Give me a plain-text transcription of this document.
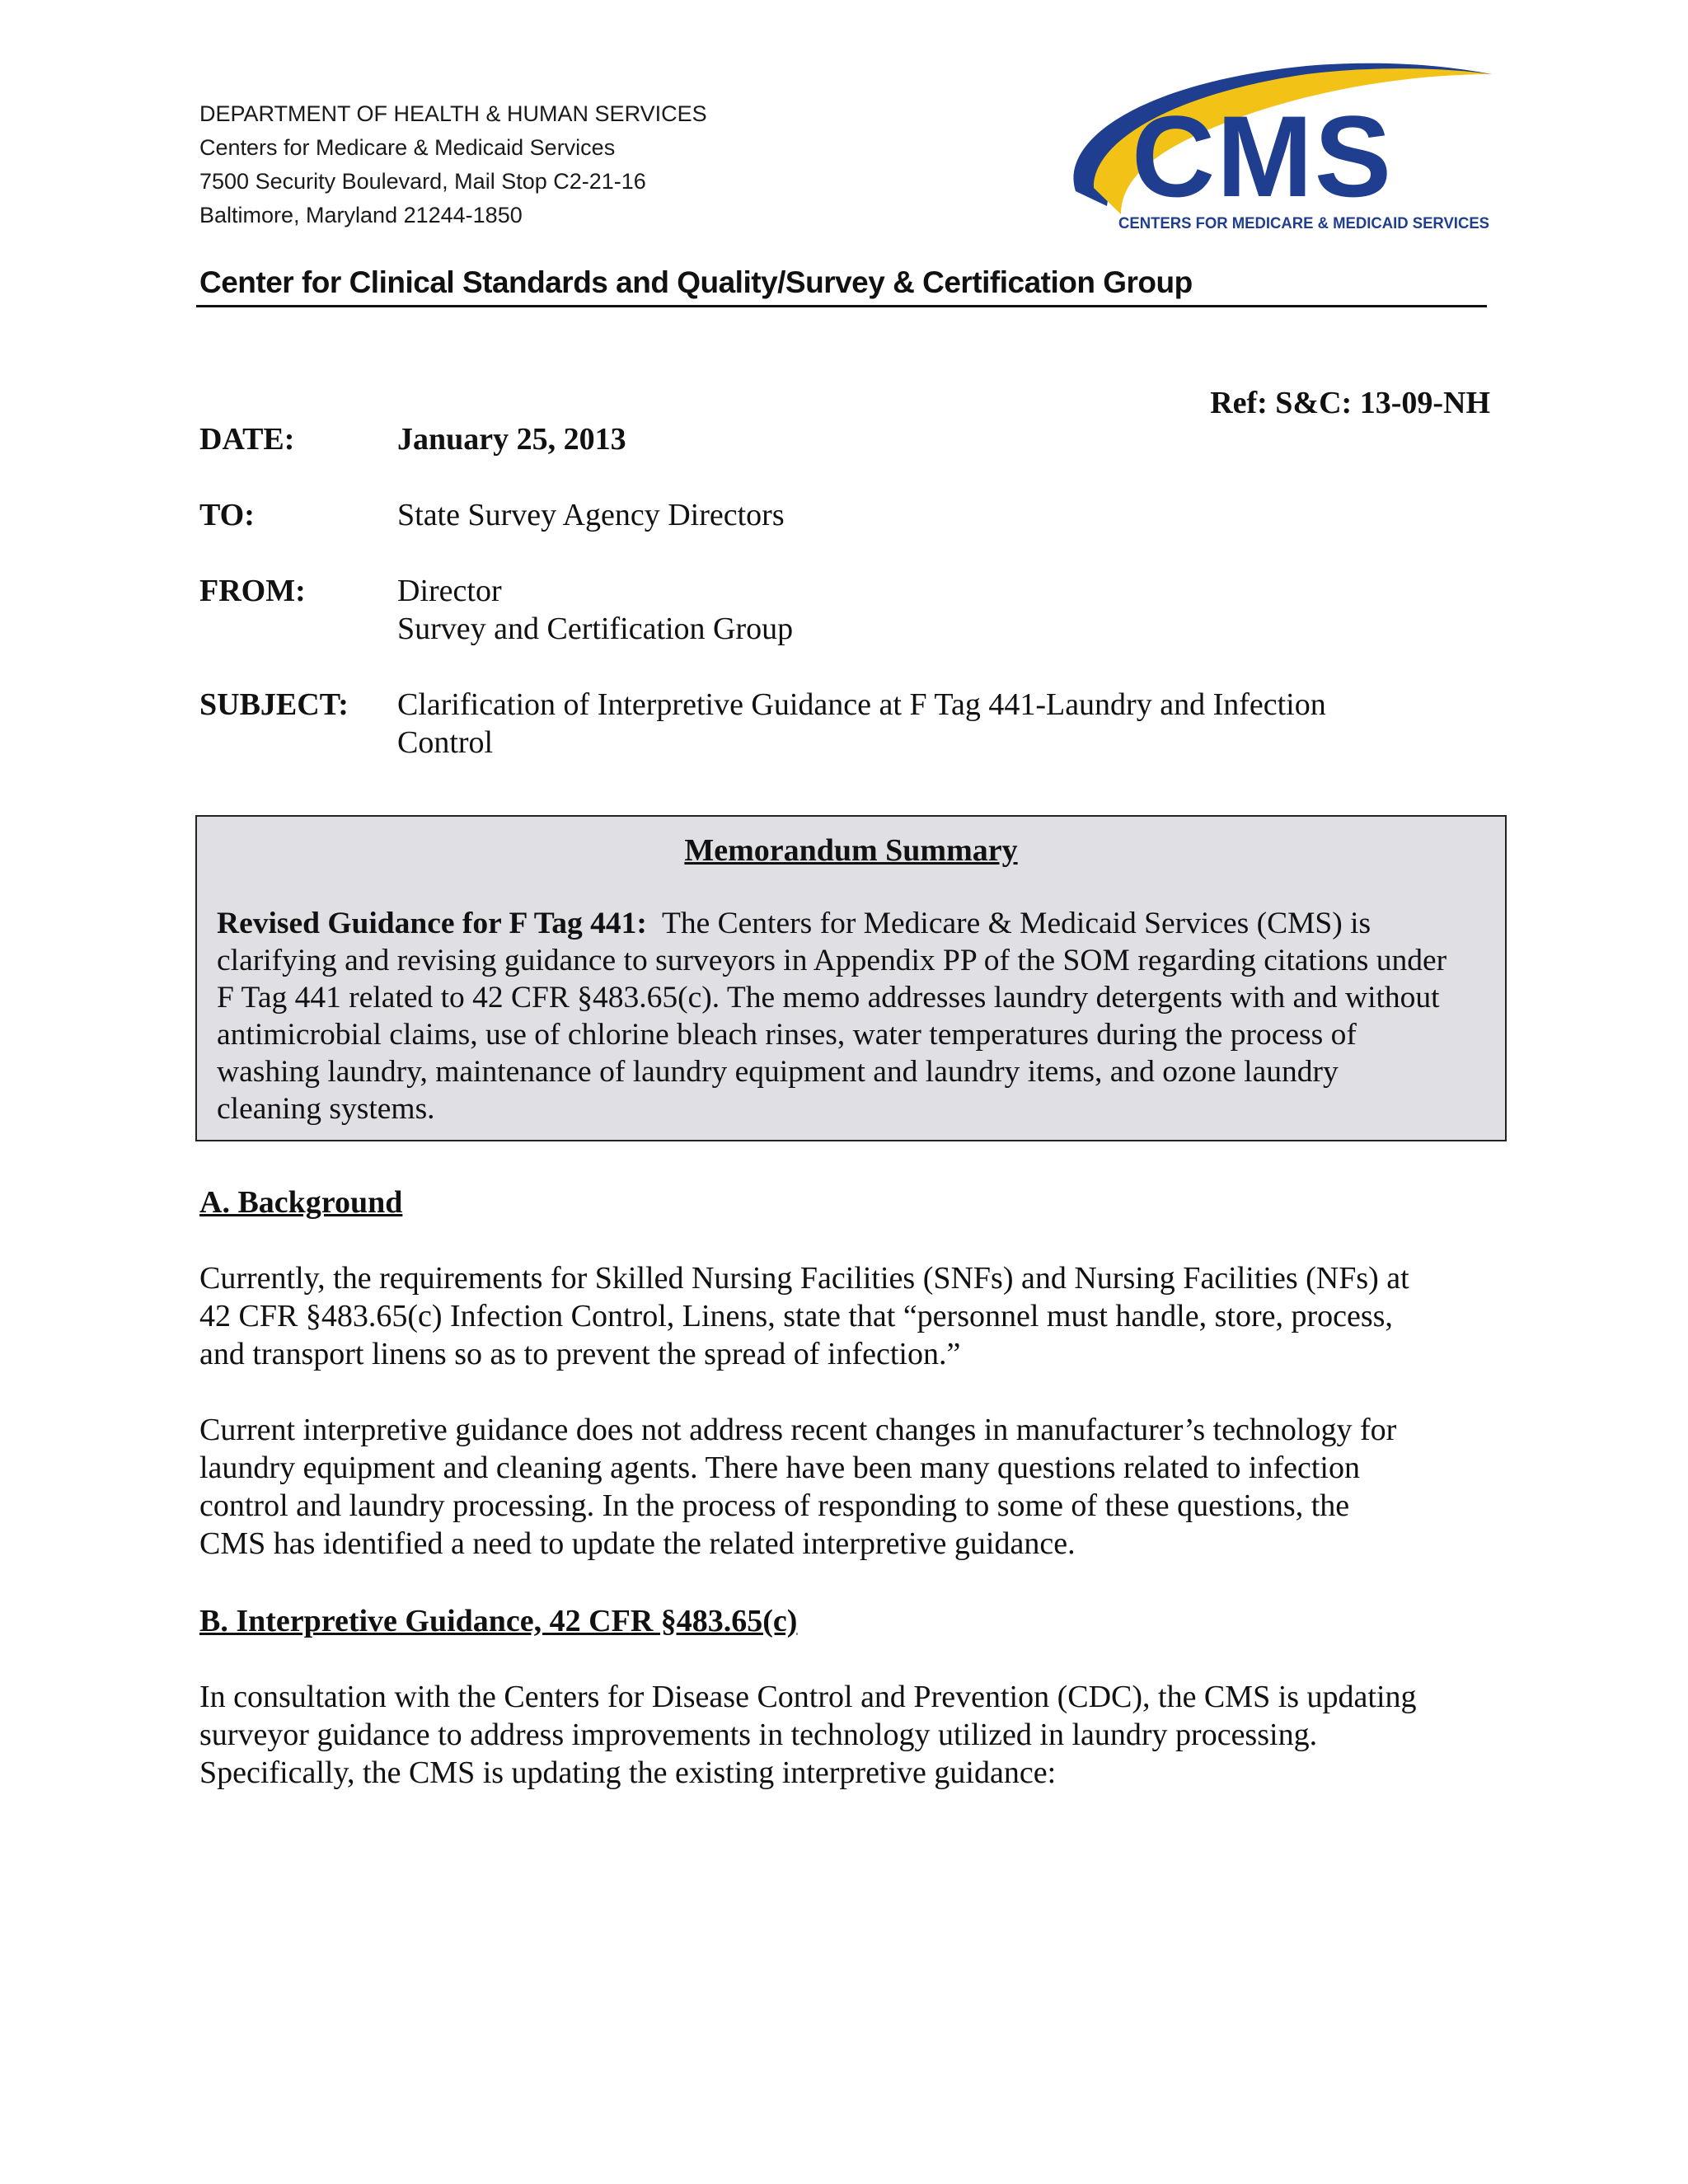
DEPARTMENT OF HEALTH & HUMAN SERVICES
Centers for Medicare & Medicaid Services
7500 Security Boulevard, Mail Stop C2-21-16
Baltimore, Maryland 21244-1850	CMS
CENTERS FOR MEDICARE & MEDICAID SERVICES
Center for Clinical Standards and Quality/Survey & Certification Group
Ref: S&C: 13-09-NH
DATE:	January 25, 2013
TO:	State Survey Agency Directors
FROM:	Director
Survey and Certification Group
SUBJECT: Clarification of Interpretive Guidance at F Tag 441-Laundry and Infection
Control
Memorandum Summary
Revised Guidance for F Tag 441:  The Centers for Medicare & Medicaid Services (CMS) is
clarifying and revising guidance to surveyors in Appendix PP of the SOM regarding citations under
F Tag 441 related to 42 CFR §483.65(c). The memo addresses laundry detergents with and without
antimicrobial claims, use of chlorine bleach rinses, water temperatures during the process of
washing laundry, maintenance of laundry equipment and laundry items, and ozone laundry
cleaning systems.
A. Background
Currently, the requirements for Skilled Nursing Facilities (SNFs) and Nursing Facilities (NFs) at
42 CFR §483.65(c) Infection Control, Linens, state that “personnel must handle, store, process,
and transport linens so as to prevent the spread of infection.”
Current interpretive guidance does not address recent changes in manufacturer’s technology for
laundry equipment and cleaning agents. There have been many questions related to infection
control and laundry processing. In the process of responding to some of these questions, the
CMS has identified a need to update the related interpretive guidance.
B. Interpretive Guidance, 42 CFR §483.65(c)
In consultation with the Centers for Disease Control and Prevention (CDC), the CMS is updating
surveyor guidance to address improvements in technology utilized in laundry processing.
Specifically, the CMS is updating the existing interpretive guidance:
